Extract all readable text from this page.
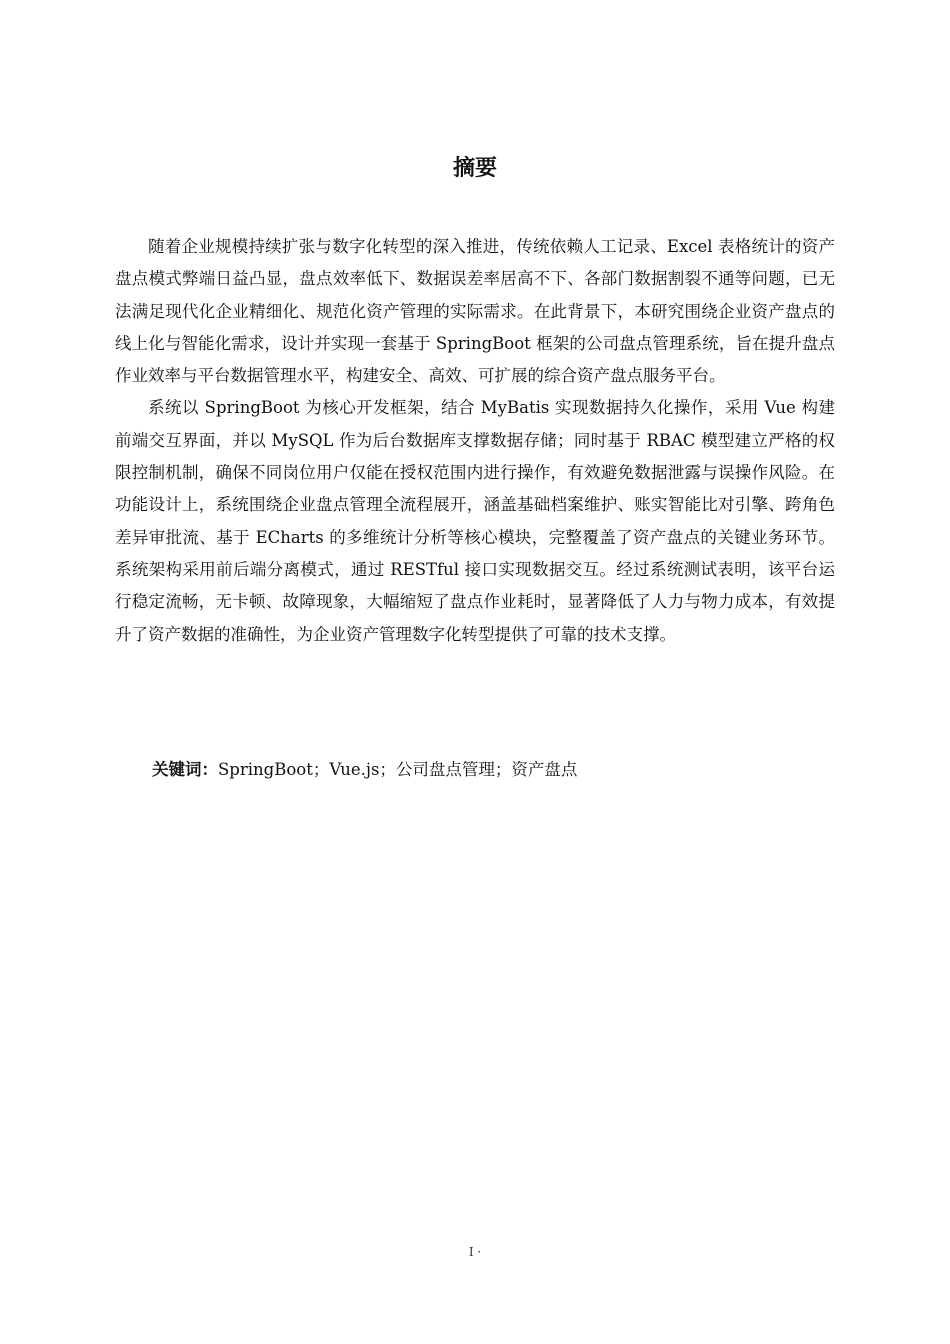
摘要

随着企业规模持续扩张与数字化转型的深入推进，传统依赖人工记录、Excel 表格统计的资产盘点模式弊端日益凸显，盘点效率低下、数据误差率居高不下、各部门数据割裂不通等问题，已无法满足现代化企业精细化、规范化资产管理的实际需求。在此背景下，本研究围绕企业资产盘点的线上化与智能化需求，设计并实现一套基于 SpringBoot 框架的公司盘点管理系统，旨在提升盘点作业效率与平台数据管理水平，构建安全、高效、可扩展的综合资产盘点服务平台。

系统以 SpringBoot 为核心开发框架，结合 MyBatis 实现数据持久化操作，采用 Vue 构建前端交互界面，并以 MySQL 作为后台数据库支撑数据存储；同时基于 RBAC 模型建立严格的权限控制机制，确保不同岗位用户仅能在授权范围内进行操作，有效避免数据泄露与误操作风险。在功能设计上，系统围绕企业盘点管理全流程展开，涵盖基础档案维护、账实智能比对引擎、跨角色差异审批流、基于 ECharts 的多维统计分析等核心模块，完整覆盖了资产盘点的关键业务环节。系统架构采用前后端分离模式，通过 RESTful 接口实现数据交互。经过系统测试表明，该平台运行稳定流畅，无卡顿、故障现象，大幅缩短了盘点作业耗时，显著降低了人力与物力成本，有效提升了资产数据的准确性，为企业资产管理数字化转型提供了可靠的技术支撑。

关键词：SpringBoot；Vue.js；公司盘点管理；资产盘点

I ·
